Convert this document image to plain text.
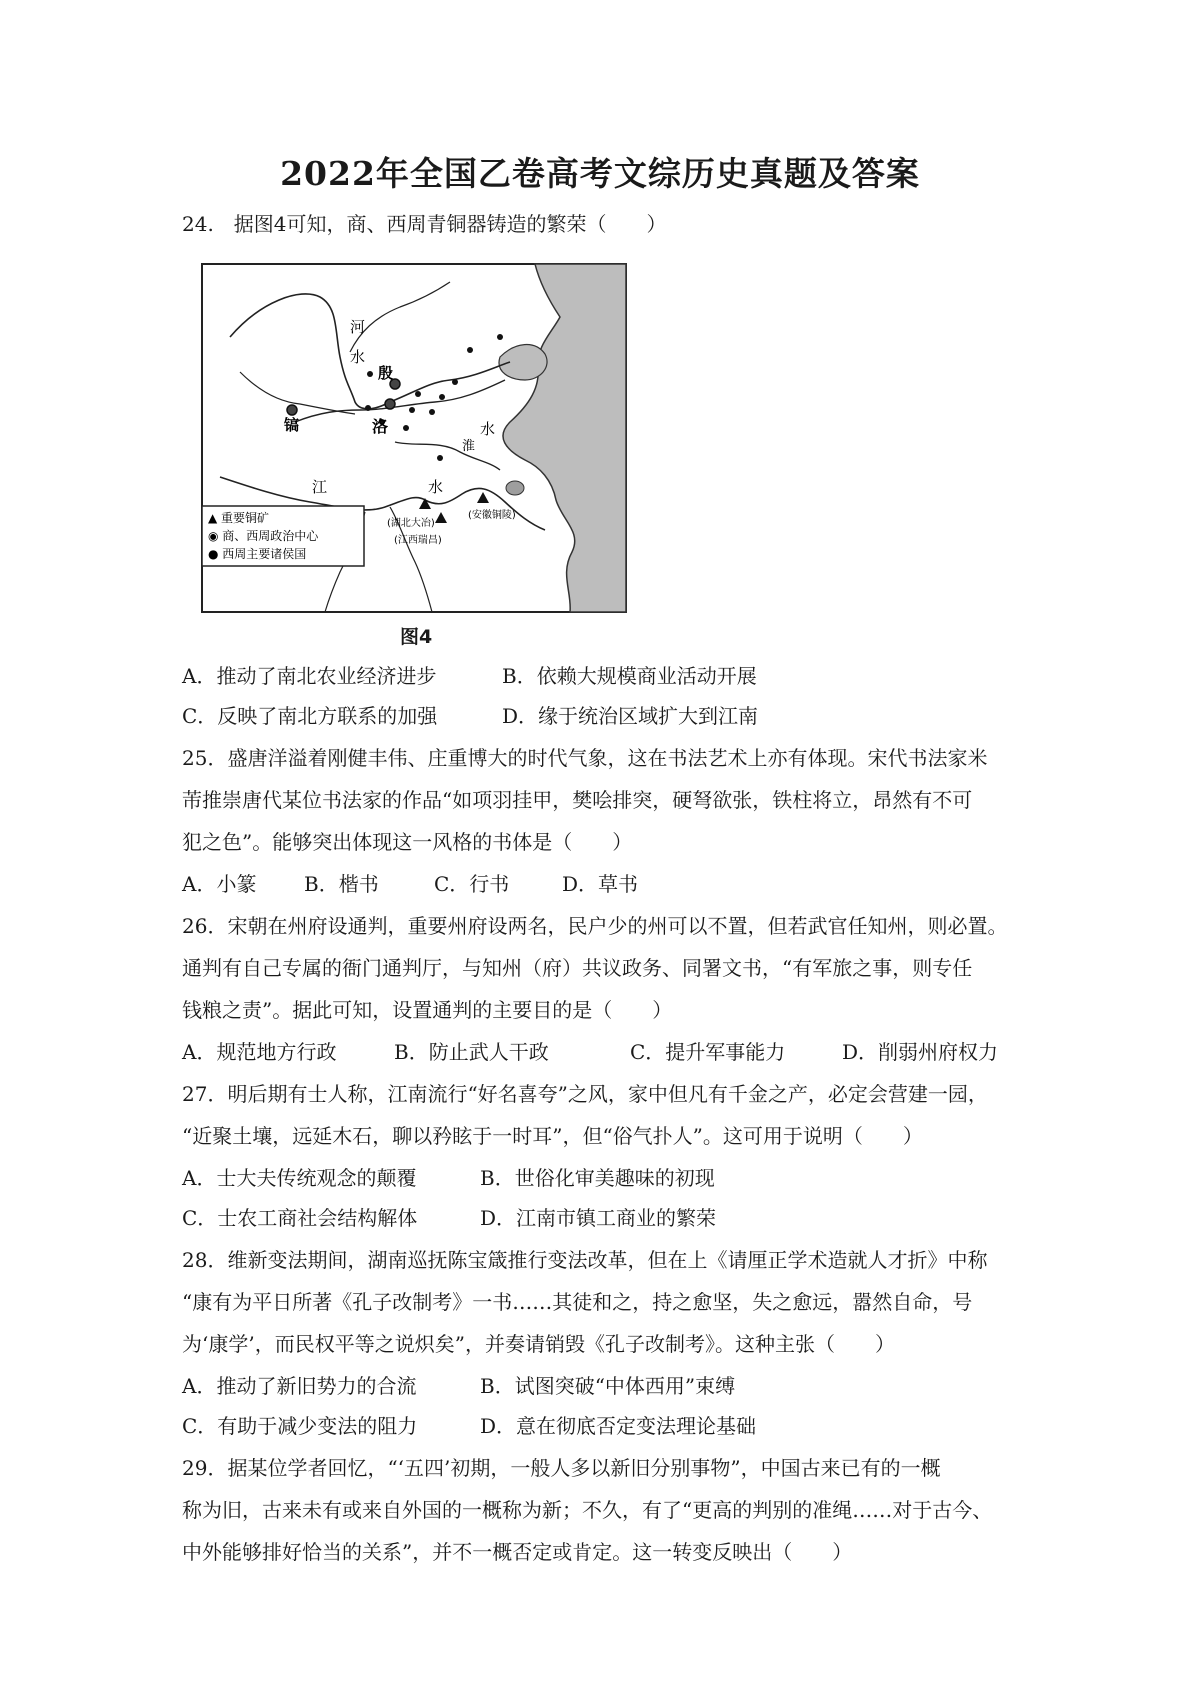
2022年全国乙卷高考文综历史真题及答案
24.　据图4可知，商、西周青铜器铸造的繁荣（　　）
河
水
殷
洛
镐
江	水
淮
水
(湖北大冶)
(江西瑞昌)
(安徽铜陵)
▲ 重要铜矿
◉ 商、西周政治中心
● 西周主要诸侯国
图4
A．推动了南北农业经济进步	B．依赖大规模商业活动开展
C．反映了南北方联系的加强	D．缘于统治区域扩大到江南
25．盛唐洋溢着刚健丰伟、庄重博大的时代气象，这在书法艺术上亦有体现。宋代书法家米
芾推崇唐代某位书法家的作品“如项羽挂甲，樊哙排突，硬弩欲张，铁柱将立，昂然有不可
犯之色”。能够突出体现这一风格的书体是（　　）
A．小篆 B．楷书	C．行书	D．草书
26．宋朝在州府设通判，重要州府设两名，民户少的州可以不置，但若武官任知州，则必置。
通判有自己专属的衙门通判厅，与知州（府）共议政务、同署文书，“有军旅之事，则专任
钱粮之责”。据此可知，设置通判的主要目的是（　　）
A．规范地方行政	B．防止武人干政	C．提升军事能力	D．削弱州府权力
27．明后期有士人称，江南流行“好名喜夸”之风，家中但凡有千金之产，必定会营建一园，
“近聚土壤，远延木石，聊以矜眩于一时耳”，但“俗气扑人”。这可用于说明（　　）
A．士大夫传统观念的颠覆	B．世俗化审美趣味的初现
C．士农工商社会结构解体	D．江南市镇工商业的繁荣
28．维新变法期间，湖南巡抚陈宝箴推行变法改革，但在上《请厘正学术造就人才折》中称
“康有为平日所著《孔子改制考》一书……其徒和之，持之愈坚，失之愈远，嚣然自命，号
为‘康学’，而民权平等之说炽矣”，并奏请销毁《孔子改制考》。这种主张（　　）
A．推动了新旧势力的合流	B．试图突破“中体西用”束缚
C．有助于减少变法的阻力	D．意在彻底否定变法理论基础
29．据某位学者回忆，“‘五四’初期，一般人多以新旧分别事物”，中国古来已有的一概
称为旧，古来未有或来自外国的一概称为新；不久，有了“更高的判别的准绳……对于古今、
中外能够排好恰当的关系”，并不一概否定或肯定。这一转变反映出（　　）
